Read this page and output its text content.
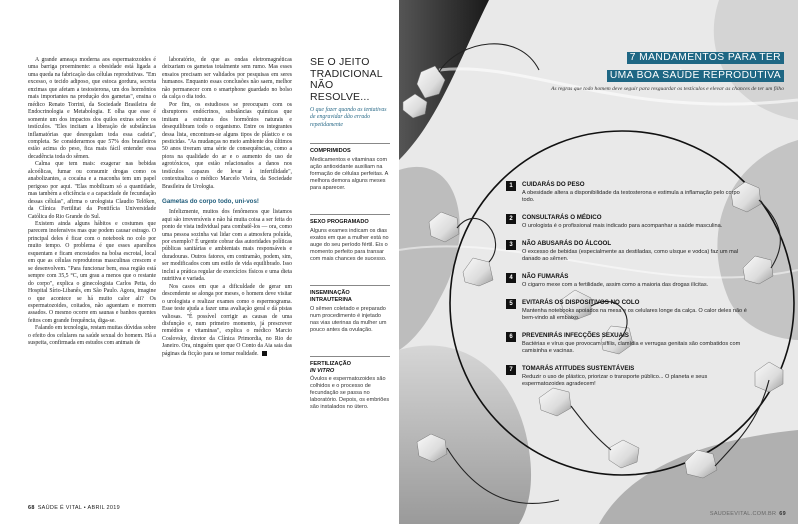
A grande ameaça moderna aos espermatozoides é uma barriga proeminente: a obesidade está ligada a uma queda na fabricação das células reprodutivas. "Em excesso, o tecido adiposo, que estoca gordura, secreta enzimas que afetam a testosterona, um dos hormônios mais importantes na produção dos gametas", ensina o médico Renato Torrini, da Sociedade Brasileira de Endocrinologia e Metabologia. E olha que esse é somente um dos impactos dos quilos extras sobre os testículos. "Eles incitam a liberação de substâncias inflamatórias que desregulam toda essa cadeia", completa. Se considerarmos que 57% dos brasileiros estão acima do peso, fica mais fácil entender essa decadência toda do sêmen.

Calma que tem mais: exagerar nas bebidas alcoólicas, fumar ou consumir drogas como os anabolizantes, a cocaína e a maconha tem um papel perigoso por aqui. "Elas mobilizam só a quantidade, mas também a eficiência e a capacidade de fecundação dessas células", afirma o urologista Claudio Telöken, da Clínica Fertilitat da Pontifícia Universidade Católica do Rio Grande do Sul.

Existem ainda alguns hábitos e costumes que parecem inofensivos mas que podem causar estrago. O principal deles é ficar com o notebook no colo por muito tempo. O problema é que esses aparelhos esquentam e ficam encostados na bolsa escrotal, local em que as células reprodutoras masculinas crescem e se desenvolvem. "Para funcionar bem, essa região está sempre com 35,5 °C, um grau a menos que o restante do corpo", explica o ginecologista Carlos Petta, do Hospital Sírio-Libanês, em São Paulo. Agora, imagine o que acontece se há muito calor ali? Os espermatozoides, coitados, não aguentam e morrem assados. O mesmo ocorre em saunas e banhos quentes feitos com grande frequência, diga-se.

Falando em tecnologia, restam muitas dúvidas sobre o efeito dos celulares na saúde sexual do homem. Há a suspeita, confirmada em estudos com animais de

laboratório, de que as ondas eletromagnéticas deixariam os gametas totalmente sem rumo. Mas esses ensaios precisam ser validados por pesquisas em seres humanos. Enquanto essas conclusões não saem, melhor não permanecer com o smartphone guardado no bolso da calça o dia todo.

Por fim, os estudiosos se preocupam com os disruptores endócrinos, substâncias químicas que imitam a estrutura dos hormônios naturais e desequilibram todo o organismo. Entre os integrantes dessa lista, encontram-se alguns tipos de plástico e os pesticidas. "As mudanças no meio ambiente dos últimos 50 anos tiveram uma série de consequências, como a piora na qualidade do ar e o aumento do uso de agrotóxicos, que estão relacionados a danos nos testículos capazes de levar à infertilidade", contextualiza o médico Marcelo Vieira, da Sociedade Brasileira de Urologia.

Gametas do corpo todo, uni-vos!

Infelizmente, muitos dos fenômenos que listamos aqui são irreversíveis e não há muita coisa a ser feita do ponto de vista individual para combatê-los — ora, como uma pessoa sozinha vai lidar com a atmosfera poluída, por exemplo? É urgente cobrar das autoridades políticas públicas sanitárias e ambientais mais responsáveis e duradouras. Outros fatores, em contramão, podem, sim, ser modificados com um estilo de vida equilibrado. Isso inclui a prática regular de exercícios físicos e uma dieta nutritiva e variada.

Nos casos em que a dificuldade de gerar um descendente se alonga por meses, o homem deve visitar o urologista e realizar exames como o espermograma. Esse teste ajuda a fazer uma avaliação geral e dá pistas valiosas. "É possível corrigir as causas de uma disfunção e, num primeiro momento, já prescrever remédios e vitaminas", explica o médico Marcio Coslovsky, diretor da Clínica Primordia, no Rio de Janeiro. Ora, ninguém quer que O Conto da Aia saia das páginas da ficção para se tornar realidade.

SE O JEITO TRADICIONAL NÃO RESOLVE...
O que fazer quando as tentativas de engravidar dão errado repetidamente
COMPRIMIDOS

Medicamentos e vitaminas com ação antioxidante auxiliam na formação de células perfeitas. A melhora demora alguns meses para aparecer.

SEXO PROGRAMADO

Alguns exames indicam os dias exatos em que a mulher está no auge do seu período fértil. Eis o momento perfeito para transar com mais chances de sucesso.

INSEMINAÇÃO INTRAUTERINA

O sêmen coletado e preparado num procedimento é injetado nas vias uterinas da mulher um pouco antes da ovulação.

FERTILIZAÇÃO
IN VITRO

Óvulos e espermatozoides são colhidos e o processo de fecundação se passa no laboratório. Depois, os embriões são instalados no útero.

68 SAÚDE É VITAL • ABRIL 2019
7 MANDAMENTOS PARA TER
UMA BOA SAÚDE REPRODUTIVA
As regras que todo homem deve seguir para resguardar os testículos e elevar as chances de ter um filho
1	CUIDARÁS DO PESO

A obesidade altera a disponibilidade da testosterona e estimula a inflamação pelo corpo todo.

2	CONSULTARÁS O MÉDICO

O urologista é o profissional mais indicado para acompanhar a saúde masculina.

3	NÃO ABUSARÁS DO ÁLCOOL

O excesso de bebidas (especialmente as destiladas, como uísque e vodca) faz um mal danado ao sêmen.

4	NÃO FUMARÁS

O cigarro mexe com a fertilidade, assim como a maioria das drogas ilícitas.

5	EVITARÁS OS DISPOSITIVOS NO COLO

Mantenha notebooks apoiados na mesa e os celulares longe da calça. O calor deles não é bem-vindo ali embaixo.

6	PREVENIRÁS INFECÇÕES SEXUAIS

Bactérias e vírus que provocam sífilis, clamídia e verrugas genitais são combatidos com camisinha e vacinas.

7	TOMARÁS ATITUDES SUSTENTÁVEIS

Reduzir o uso de plástico, priorizar o transporte público... O planeta e seus espermatozoides agradecem!

SAUDEEVITAL.COM.BR 69
